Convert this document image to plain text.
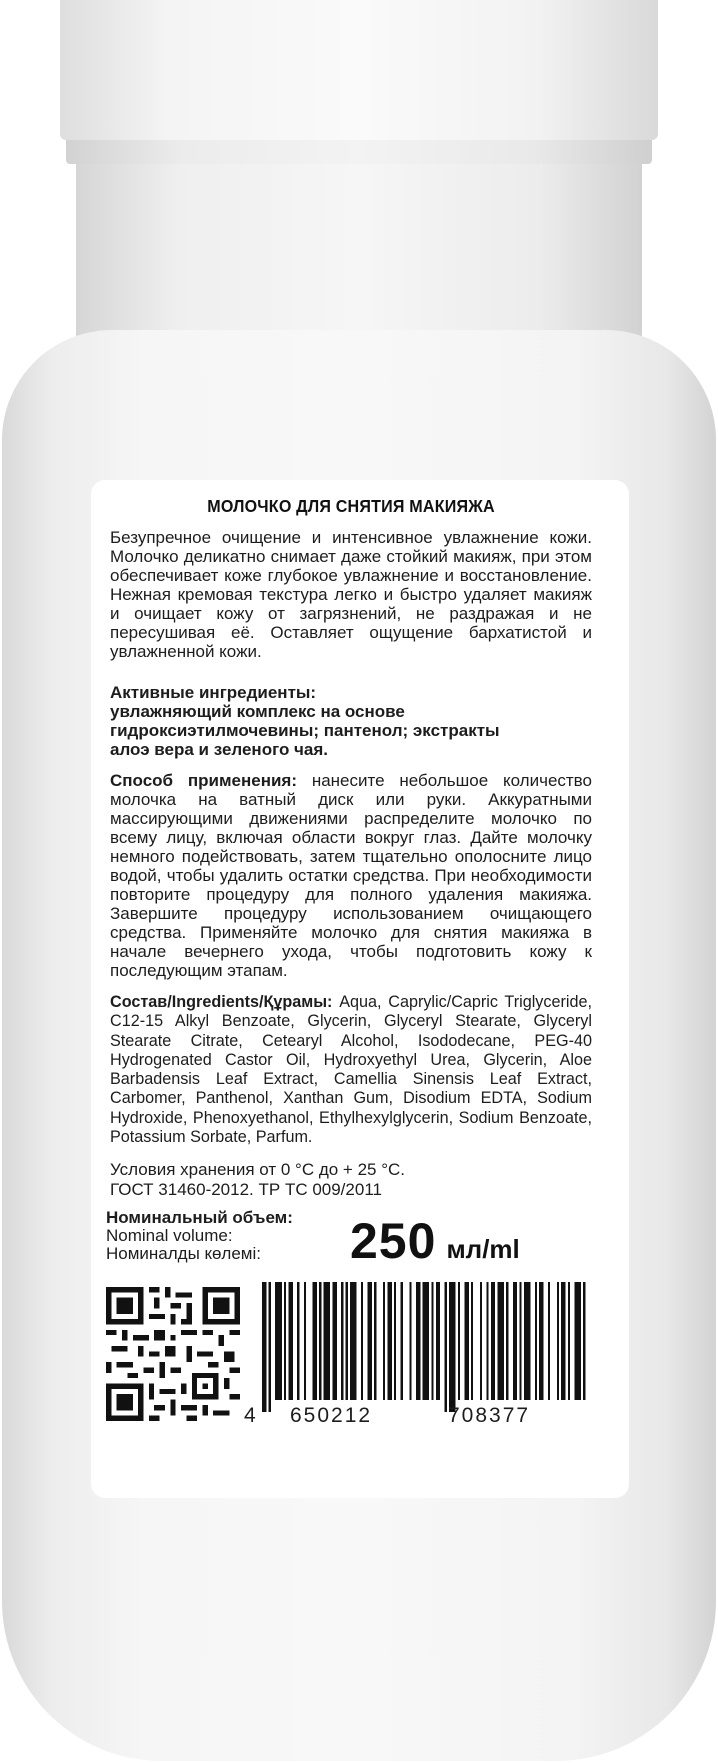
МОЛОЧКО ДЛЯ СНЯТИЯ МАКИЯЖА
Безупречное очищение и интенсивное увлажнение кожи. Молочко деликатно снимает даже стойкий макияж, при этом обеспечивает коже глубокое увлажнение и восстановление. Нежная кремовая текстура легко и быстро удаляет макияж и очищает кожу от загрязнений, не раздражая и не пересушивая её. Оставляет ощущение бархатистой и увлажненной кожи.
Активные ингредиенты:
увлажняющий комплекс на основе
гидроксиэтилмочевины; пантенол; экстракты
алоэ вера и зеленого чая.
Способ применения: нанесите небольшое количество молочка на ватный диск или руки. Аккуратными массирующими движениями распределите молочко по всему лицу, включая области вокруг глаз. Дайте молочку немного подействовать, затем тщательно ополосните лицо водой, чтобы удалить остатки средства. При необходимости повторите процедуру для полного удаления макияжа. Завершите процедуру использованием очищающего средства. Применяйте молочко для снятия макияжа в начале вечернего ухода, чтобы подготовить кожу к последующим этапам.
Состав/Ingredients/Құрамы: Aqua, Caprylic/Capric Triglyceride, C12-15 Alkyl Benzoate, Glycerin, Glyceryl Stearate, Glyceryl Stearate Citrate, Cetearyl Alcohol, Isododecane, PEG-40 Hydrogenated Castor Oil, Hydroxyethyl Urea, Glycerin, Aloe Barbadensis Leaf Extract, Camellia Sinensis Leaf Extract, Carbomer, Panthenol, Xanthan Gum, Disodium EDTA, Sodium Hydroxide, Phenoxyethanol, Ethylhexylglycerin, Sodium Benzoate, Potassium Sorbate, Parfum.
Условия хранения от 0 °С до + 25 °С.
ГОСТ 31460-2012. ТР ТС 009/2011
Номинальный объем:
Nominal volume:
Номиналды көлемі:	250 мл/ml
4 650212	708377
